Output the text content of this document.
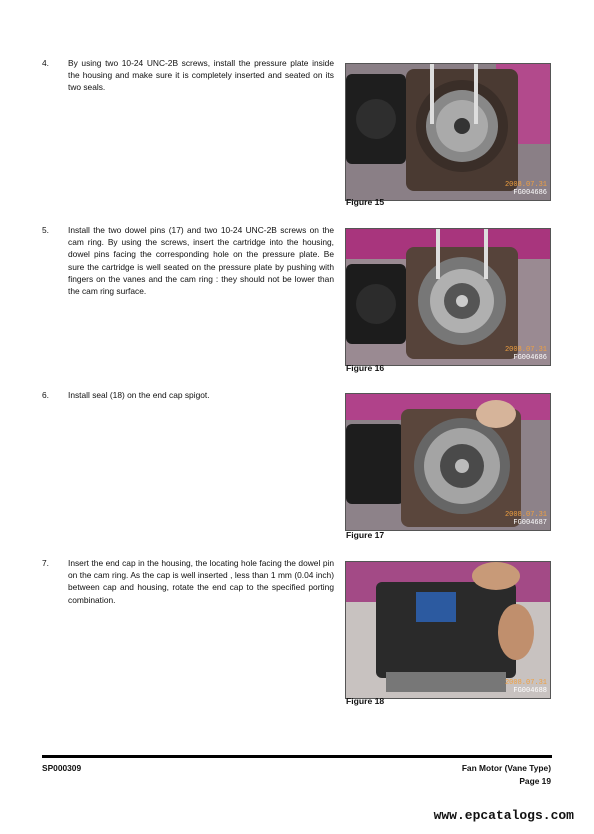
4. By using two 10-24 UNC-2B screws, install the pressure plate inside the housing and make sure it is completely inserted and seated on its two seals.
2008.07.31
FG004686
Figure 15
5. Install the two dowel pins (17) and two 10-24 UNC-2B screws on the cam ring. By using the screws, insert the cartridge into the housing, dowel pins facing the corresponding hole on the pressure plate. Be sure the cartridge is well seated on the pressure plate by pushing with fingers on the vanes and the cam ring : they should not be lower than the cam ring surface.
2008.07.31
FG004686
Figure 16
6. Install seal (18) on the end cap spigot.
2008.07.31
FG004687
Figure 17
7. Insert the end cap in the housing, the locating hole facing the dowel pin on the cam ring. As the cap is well inserted , less than 1 mm (0.04 inch) between cap and housing, rotate the end cap to the specified porting combination.
2008.07.31
FG004688
Figure 18
SP000309	Fan Motor (Vane Type)
Page 19
www.epcatalogs.com
